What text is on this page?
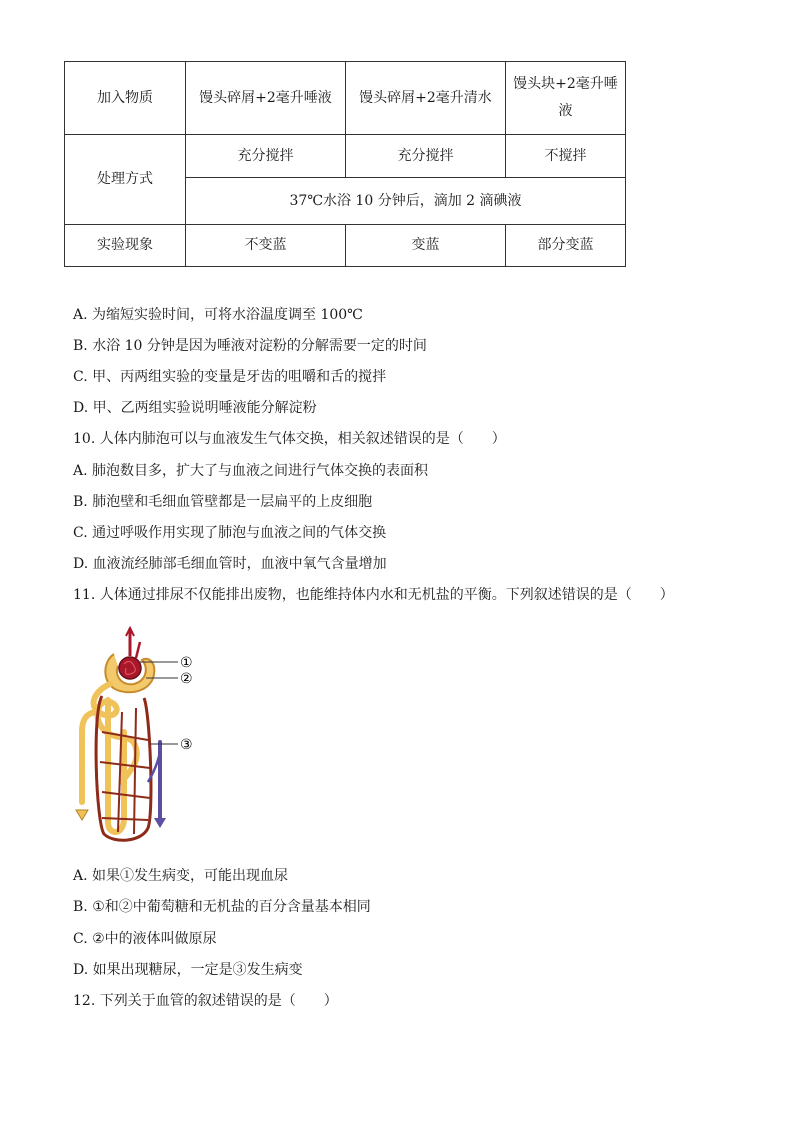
加入物质	馒头碎屑+2毫升唾液	馒头碎屑+2毫升清水	馒头块+2毫升唾液
处理方式	充分搅拌	充分搅拌	不搅拌
	37℃水浴 10 分钟后，滴加 2 滴碘液		
实验现象	不变蓝	变蓝	部分变蓝
A. 为缩短实验时间，可将水浴温度调至 100℃
B. 水浴 10 分钟是因为唾液对淀粉的分解需要一定的时间
C. 甲、丙两组实验的变量是牙齿的咀嚼和舌的搅拌
D. 甲、乙两组实验说明唾液能分解淀粉
10. 人体内肺泡可以与血液发生气体交换，相关叙述错误的是（　　）
A. 肺泡数目多，扩大了与血液之间进行气体交换的表面积
B. 肺泡壁和毛细血管壁都是一层扁平的上皮细胞
C. 通过呼吸作用实现了肺泡与血液之间的气体交换
D. 血液流经肺部毛细血管时，血液中氧气含量增加
11. 人体通过排尿不仅能排出废物，也能维持体内水和无机盐的平衡。下列叙述错误的是（　　）
①
②
③
A. 如果①发生病变，可能出现血尿
B. ①和②中葡萄糖和无机盐的百分含量基本相同
C. ②中的液体叫做原尿
D. 如果出现糖尿，一定是③发生病变
12. 下列关于血管的叙述错误的是（　　）
